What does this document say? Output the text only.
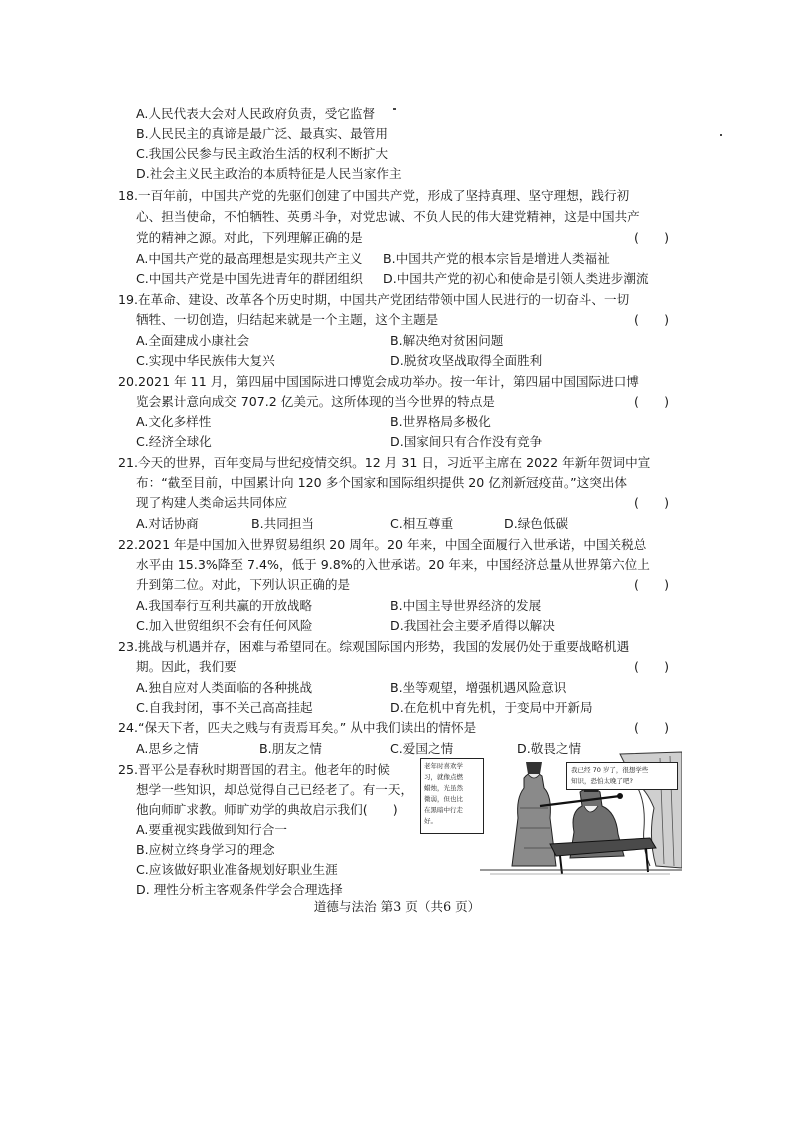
A.人民代表大会对人民政府负责，受它监督
B.人民民主的真谛是最广泛、最真实、最管用
C.我国公民参与民主政治生活的权利不断扩大
D.社会主义民主政治的本质特征是人民当家作主
18.一百年前，中国共产党的先驱们创建了中国共产党，形成了坚持真理、坚守理想，践行初
心、担当使命，不怕牺牲、英勇斗争，对党忠诚、不负人民的伟大建党精神，这是中国共产
党的精神之源。对此，下列理解正确的是	(　　)
A.中国共产党的最高理想是实现共产主义 B.中国共产党的根本宗旨是增进人类福祉
C.中国共产党是中国先进青年的群团组织 D.中国共产党的初心和使命是引领人类进步潮流
19.在革命、建设、改革各个历史时期，中国共产党团结带领中国人民进行的一切奋斗、一切
牺牲、一切创造，归结起来就是一个主题，这个主题是	(　　)
A.全面建成小康社会	B.解决绝对贫困问题
C.实现中华民族伟大复兴	D.脱贫攻坚战取得全面胜利
20.2021 年 11 月，第四届中国国际进口博览会成功举办。按一年计，第四届中国国际进口博
览会累计意向成交 707.2 亿美元。这所体现的当今世界的特点是	(　　)
A.文化多样性	B.世界格局多极化
C.经济全球化	D.国家间只有合作没有竞争
21.今天的世界，百年变局与世纪疫情交织。12 月 31 日，习近平主席在 2022 年新年贺词中宣
布：“截至目前，中国累计向 120 多个国家和国际组织提供 20 亿剂新冠疫苗。”这突出体
现了构建人类命运共同体应	(　　)
A.对话协商	B.共同担当	C.相互尊重	D.绿色低碳
22.2021 年是中国加入世界贸易组织 20 周年。20 年来，中国全面履行入世承诺，中国关税总
水平由 15.3%降至 7.4%，低于 9.8%的入世承诺。20 年来，中国经济总量从世界第六位上
升到第二位。对此，下列认识正确的是	(　　)
A.我国奉行互利共赢的开放战略	B.中国主导世界经济的发展
C.加入世贸组织不会有任何风险	D.我国社会主要矛盾得以解决
23.挑战与机遇并存，困难与希望同在。综观国际国内形势，我国的发展仍处于重要战略机遇
期。因此，我们要	(　　)
A.独自应对人类面临的各种挑战	B.坐等观望，增强机遇风险意识
C.自我封闭，事不关己高高挂起	D.在危机中育先机，于变局中开新局
24.“保天下者，匹夫之贱与有责焉耳矣。” 从中我们读出的情怀是	(　　)
A.思乡之情	B.朋友之情	C.爱国之情	D.敬畏之情
25.晋平公是春秋时期晋国的君主。他老年的时候
想学一些知识，却总觉得自己已经老了。有一天，
他向师旷求教。师旷劝学的典故启示我们(　　)
A.要重视实践做到知行合一
B.应树立终身学习的理念
C.应该做好职业准备规划好职业生涯
D. 理性分析主客观条件学会合理选择
老年时喜欢学
习，就像点燃
蜡烛，光虽然
微弱，但也比
在黑暗中行走
好。
我已经 70 岁了，很想学些
知识，恐怕太晚了吧?
道德与法治 第3 页（共6 页）
